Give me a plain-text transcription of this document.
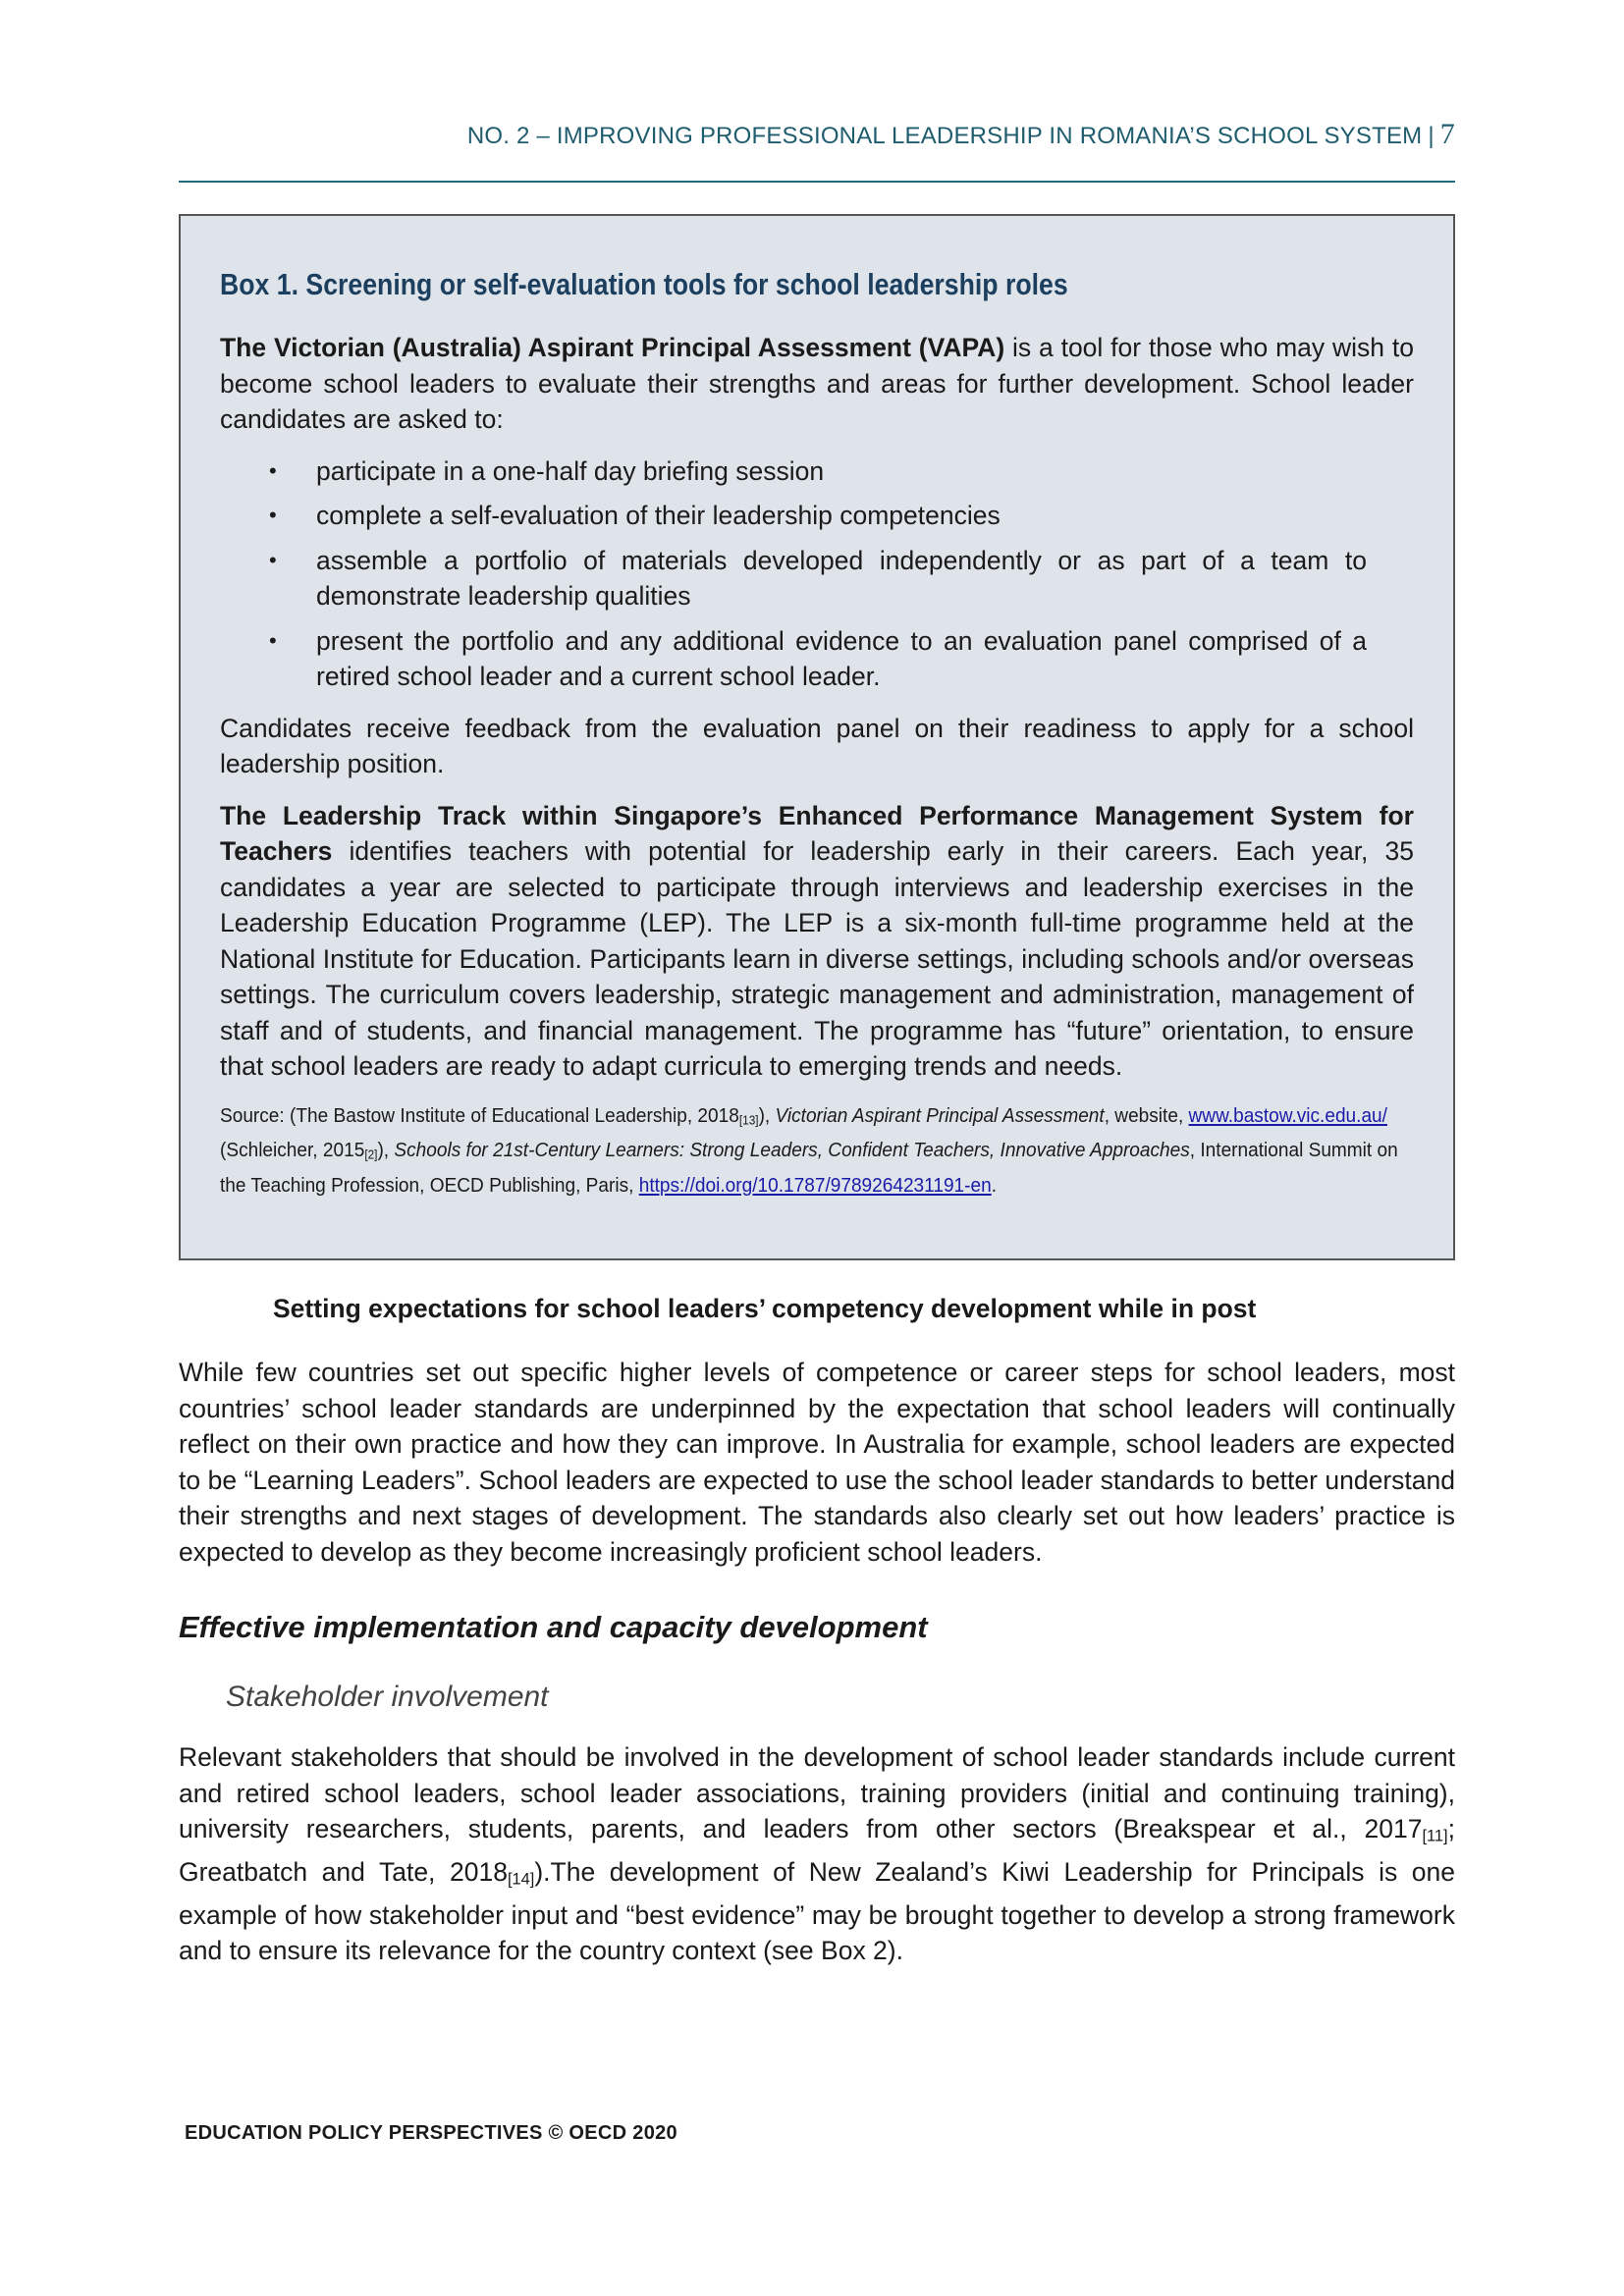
NO. 2 – IMPROVING PROFESSIONAL LEADERSHIP IN ROMANIA’S SCHOOL SYSTEM | 7
Box 1. Screening or self-evaluation tools for school leadership roles

The Victorian (Australia) Aspirant Principal Assessment (VAPA) is a tool for those who may wish to become school leaders to evaluate their strengths and areas for further development. School leader candidates are asked to:

• participate in a one-half day briefing session
• complete a self-evaluation of their leadership competencies
• assemble a portfolio of materials developed independently or as part of a team to demonstrate leadership qualities
• present the portfolio and any additional evidence to an evaluation panel comprised of a retired school leader and a current school leader.

Candidates receive feedback from the evaluation panel on their readiness to apply for a school leadership position.

The Leadership Track within Singapore’s Enhanced Performance Management System for Teachers identifies teachers with potential for leadership early in their careers. Each year, 35 candidates a year are selected to participate through interviews and leadership exercises in the Leadership Education Programme (LEP). The LEP is a six-month full-time programme held at the National Institute for Education. Participants learn in diverse settings, including schools and/or overseas settings. The curriculum covers leadership, strategic management and administration, management of staff and of students, and financial management. The programme has “future” orientation, to ensure that school leaders are ready to adapt curricula to emerging trends and needs.

Source: (The Bastow Institute of Educational Leadership, 2018[13]), Victorian Aspirant Principal Assessment, website, www.bastow.vic.edu.au/ (Schleicher, 2015[2]), Schools for 21st-Century Learners: Strong Leaders, Confident Teachers, Innovative Approaches, International Summit on the Teaching Profession, OECD Publishing, Paris, https://doi.org/10.1787/9789264231191-en.
Setting expectations for school leaders’ competency development while in post

While few countries set out specific higher levels of competence or career steps for school leaders, most countries’ school leader standards are underpinned by the expectation that school leaders will continually reflect on their own practice and how they can improve. In Australia for example, school leaders are expected to be “Learning Leaders”. School leaders are expected to use the school leader standards to better understand their strengths and next stages of development. The standards also clearly set out how leaders’ practice is expected to develop as they become increasingly proficient school leaders.

Effective implementation and capacity development
Stakeholder involvement

Relevant stakeholders that should be involved in the development of school leader standards include current and retired school leaders, school leader associations, training providers (initial and continuing training), university researchers, students, parents, and leaders from other sectors (Breakspear et al., $2017_{[11]}$; Greatbatch and Tate, $2018_{[14]}).The$ development of New Zealand’s Kiwi Leadership for Principals is one example of how stakeholder input and “best evidence” may be brought together to develop a strong framework and to ensure its relevance for the country context (see Box 2).

EDUCATION POLICY PERSPECTIVES © OECD 2020
